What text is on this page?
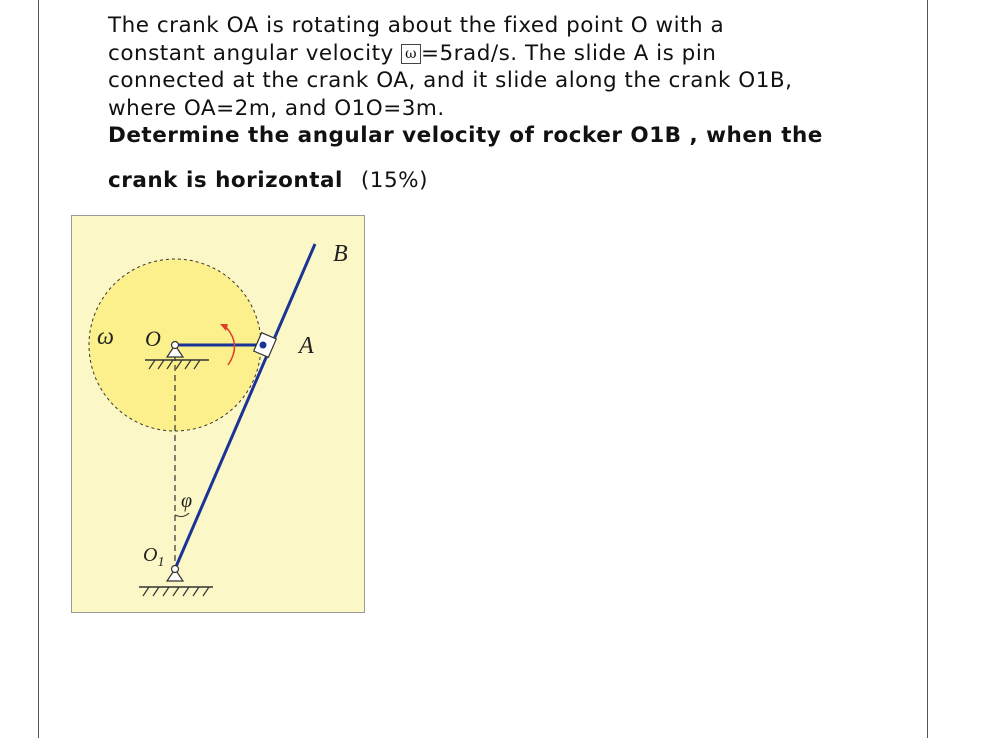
The crank OA is rotating about the fixed point O with a

constant angular velocity ω =5rad/s. The slide A is pin

connected at the crank OA, and it slide along the crank O1B,

where OA=2m, and O1O=3m.

Determine the angular velocity of rocker O1B , when the

crank is horizontal (15%)

B
A
O
ω
φ
$O_1$
